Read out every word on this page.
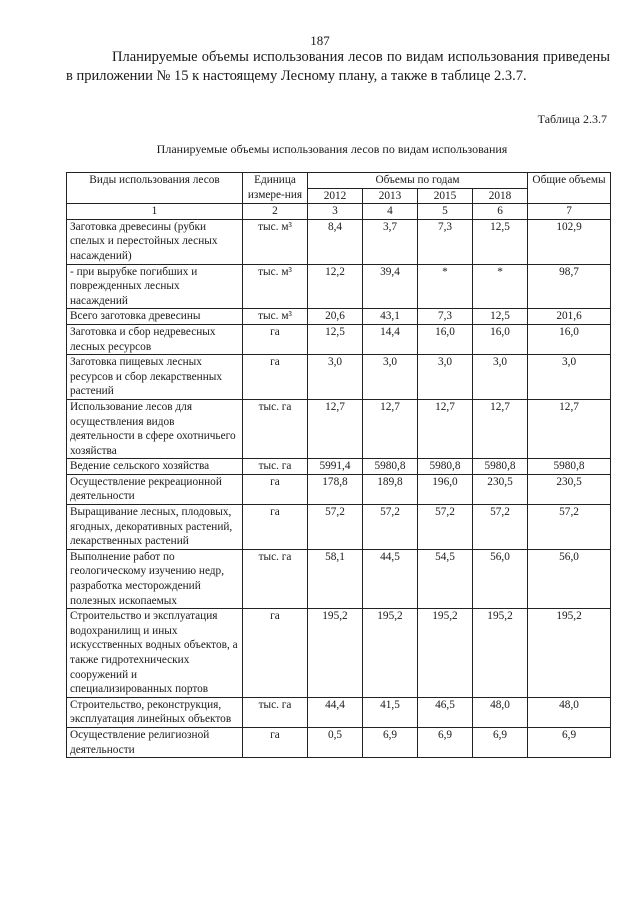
187
Планируемые объемы использования лесов по видам использования приведены в приложении № 15 к настоящему Лесному плану, а также в таблице 2.3.7.
Таблица 2.3.7
Планируемые объемы использования лесов по видам использования
Виды использования лесов	Единица измере-ния	Объемы по годам				Общие объемы
		2012	2013	2015	2018	
1	2	3	4	5	6	7
Заготовка древесины (рубки спелых и перестойных лесных насаждений)	тыс. м³	8,4	3,7	7,3	12,5	102,9
- при вырубке погибших и поврежденных лесных насаждений	тыс. м³	12,2	39,4	*	*	98,7
Всего заготовка древесины	тыс. м³	20,6	43,1	7,3	12,5	201,6
Заготовка и сбор недревесных лесных ресурсов	га	12,5	14,4	16,0	16,0	16,0
Заготовка пищевых лесных ресурсов и сбор лекарственных растений	га	3,0	3,0	3,0	3,0	3,0
Использование лесов для осуществления видов деятельности в сфере охотничьего хозяйства	тыс. га	12,7	12,7	12,7	12,7	12,7
Ведение сельского хозяйства	тыс. га	5991,4	5980,8	5980,8	5980,8	5980,8
Осуществление рекреационной деятельности	га	178,8	189,8	196,0	230,5	230,5
Выращивание лесных, плодовых, ягодных, декоративных растений, лекарственных растений	га	57,2	57,2	57,2	57,2	57,2
Выполнение работ по геологическому изучению недр, разработка месторождений полезных ископаемых	тыс. га	58,1	44,5	54,5	56,0	56,0
Строительство и эксплуатация водохранилищ и иных искусственных водных объектов, а также гидротехнических сооружений и специализированных портов	га	195,2	195,2	195,2	195,2	195,2
Строительство, реконструкция, эксплуатация линейных объектов	тыс. га	44,4	41,5	46,5	48,0	48,0
Осуществление религиозной деятельности	га	0,5	6,9	6,9	6,9	6,9
